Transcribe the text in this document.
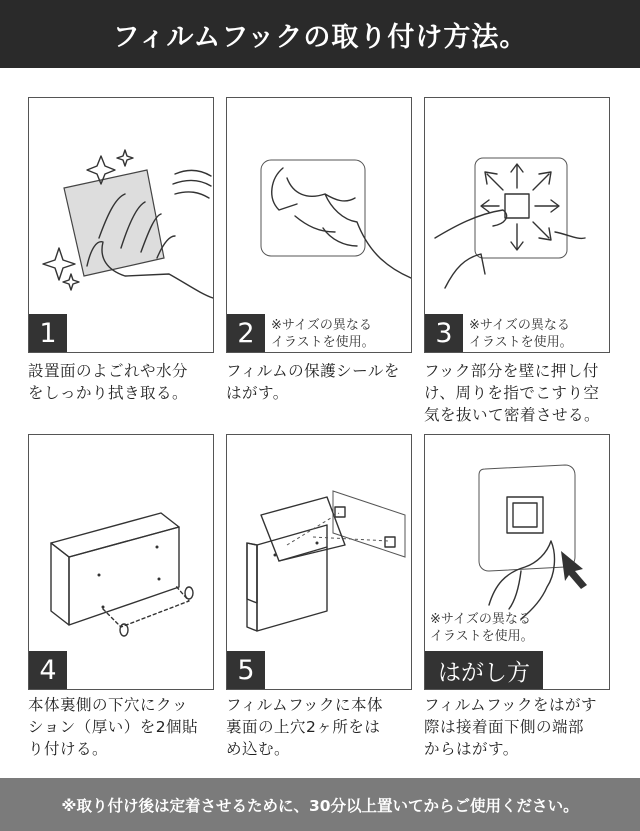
フィルムフックの取り付け方法。
1
設置面のよごれや水分
をしっかり拭き取る。
2	※サイズの異なる
イラストを使用。
フィルムの保護シールを
はがす。
3	※サイズの異なる
イラストを使用。
フック部分を壁に押し付
け、周りを指でこすり空
気を抜いて密着させる。
4
本体裏側の下穴にクッ
ション（厚い）を2個貼
り付ける。
5
フィルムフックに本体
裏面の上穴2ヶ所をは
め込む。
はがし方
※サイズの異なる
イラストを使用。
フィルムフックをはがす
際は接着面下側の端部
からはがす。
※取り付け後は定着させるために、30分以上置いてからご使用ください。
